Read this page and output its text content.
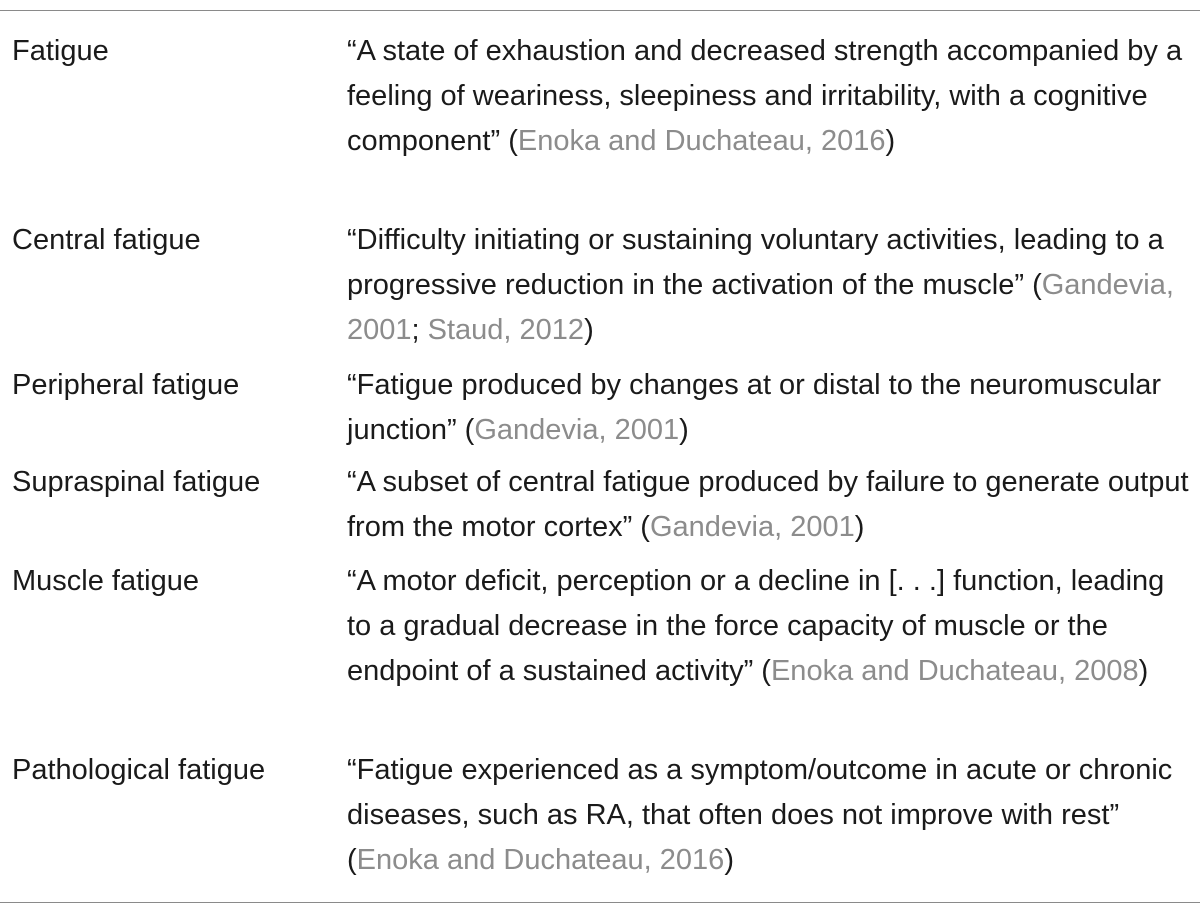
Fatigue	“A state of exhaustion and decreased strength accompanied by a feeling of weariness, sleepiness and irritability, with a cognitive component” (Enoka and Duchateau, 2016)
Central fatigue	“Difficulty initiating or sustaining voluntary activities, leading to a progressive reduction in the activation of the muscle” (Gandevia, 2001; Staud, 2012)
Peripheral fatigue	“Fatigue produced by changes at or distal to the neuromuscular junction” (Gandevia, 2001)
Supraspinal fatigue	“A subset of central fatigue produced by failure to generate output from the motor cortex” (Gandevia, 2001)
Muscle fatigue	“A motor deficit, perception or a decline in [. . .] function, leading to a gradual decrease in the force capacity of muscle or the endpoint of a sustained activity” (Enoka and Duchateau, 2008)
Pathological fatigue	“Fatigue experienced as a symptom/outcome in acute or chronic diseases, such as RA, that often does not improve with rest” (Enoka and Duchateau, 2016)
